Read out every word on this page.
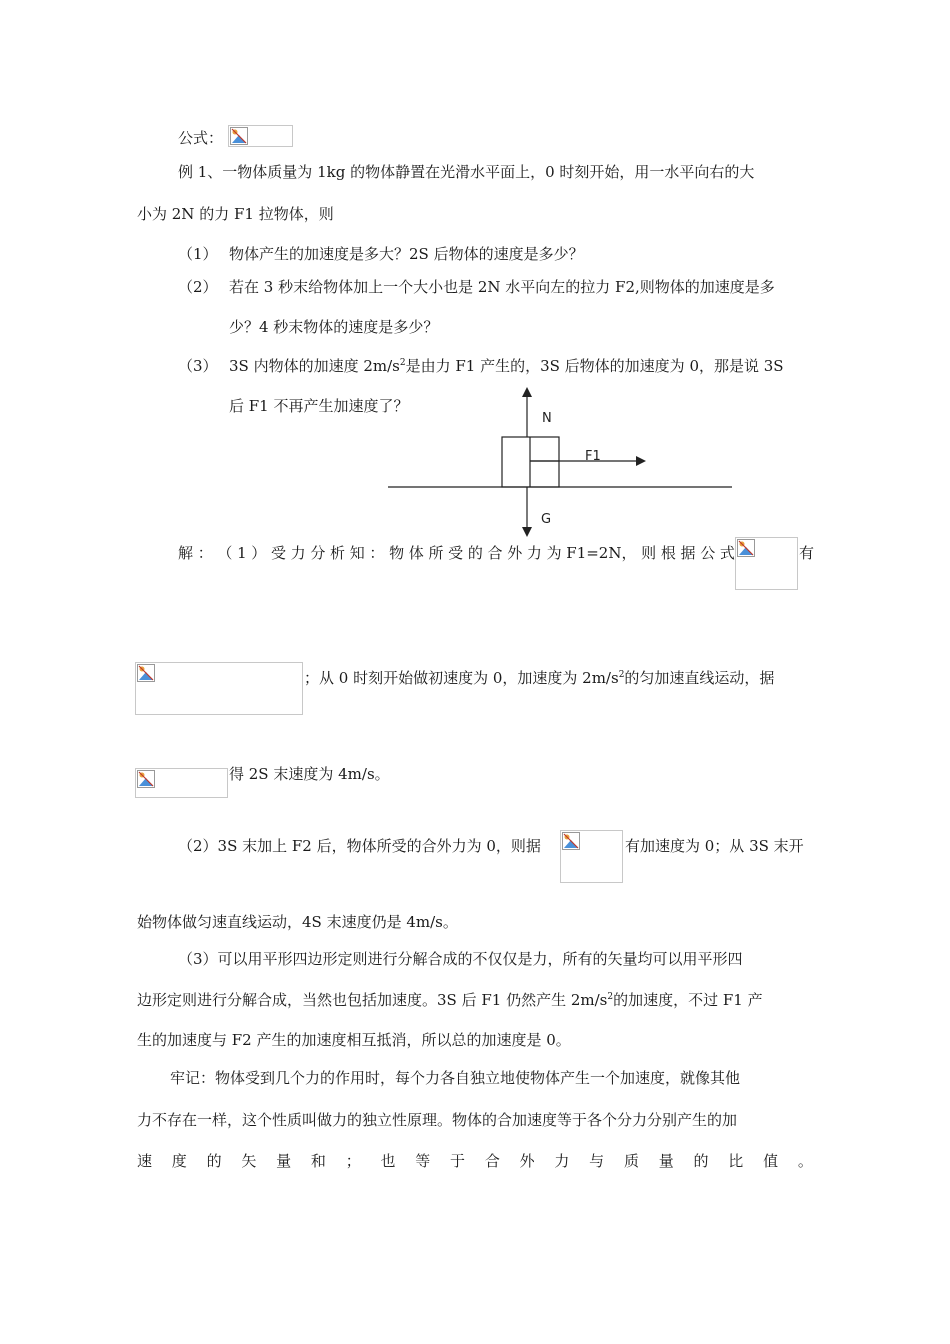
公式：
例 1、一物体质量为 1kg 的物体静置在光滑水平面上，0 时刻开始，用一水平向右的大
小为 2N 的力 F1 拉物体，则
（1） 物体产生的加速度是多大？2S 后物体的速度是多少？
（2） 若在 3 秒末给物体加上一个大小也是 2N 水平向左的拉力 F2,则物体的加速度是多
少？4 秒末物体的速度是多少？
（3） 3S 内物体的加速度 $2m/s^2$是由力 F1 产生的，3S 后物体的加速度为 0，那是说 3S
后 F1 不再产生加速度了？
N
F1
G
解 ： （ 1 ） 受 力 分 析 知 ： 物 体 所 受 的 合 外 力 为 F1=2N， 则 根 据 公 式	有
；从 0 时刻开始做初速度为 0，加速度为 $2m/s^2$的匀加速直线运动，据
得 2S 末速度为 4m/s。
（2）3S 末加上 F2 后，物体所受的合外力为 0，则据	有加速度为 0；从 3S 末开
始物体做匀速直线运动，4S 末速度仍是 4m/s。
（3）可以用平形四边形定则进行分解合成的不仅仅是力，所有的矢量均可以用平形四
边形定则进行分解合成，当然也包括加速度。3S 后 F1 仍然产生 $2m/s^2$的加速度，不过 F1 产
生的加速度与 F2 产生的加速度相互抵消，所以总的加速度是 0。
牢记：物体受到几个力的作用时，每个力各自独立地使物体产生一个加速度，就像其他
力不存在一样，这个性质叫做力的独立性原理。物体的合加速度等于各个分力分别产生的加
速 度 的 矢 量 和 ； 也 等 于 合 外 力 与 质 量 的 比 值 。
